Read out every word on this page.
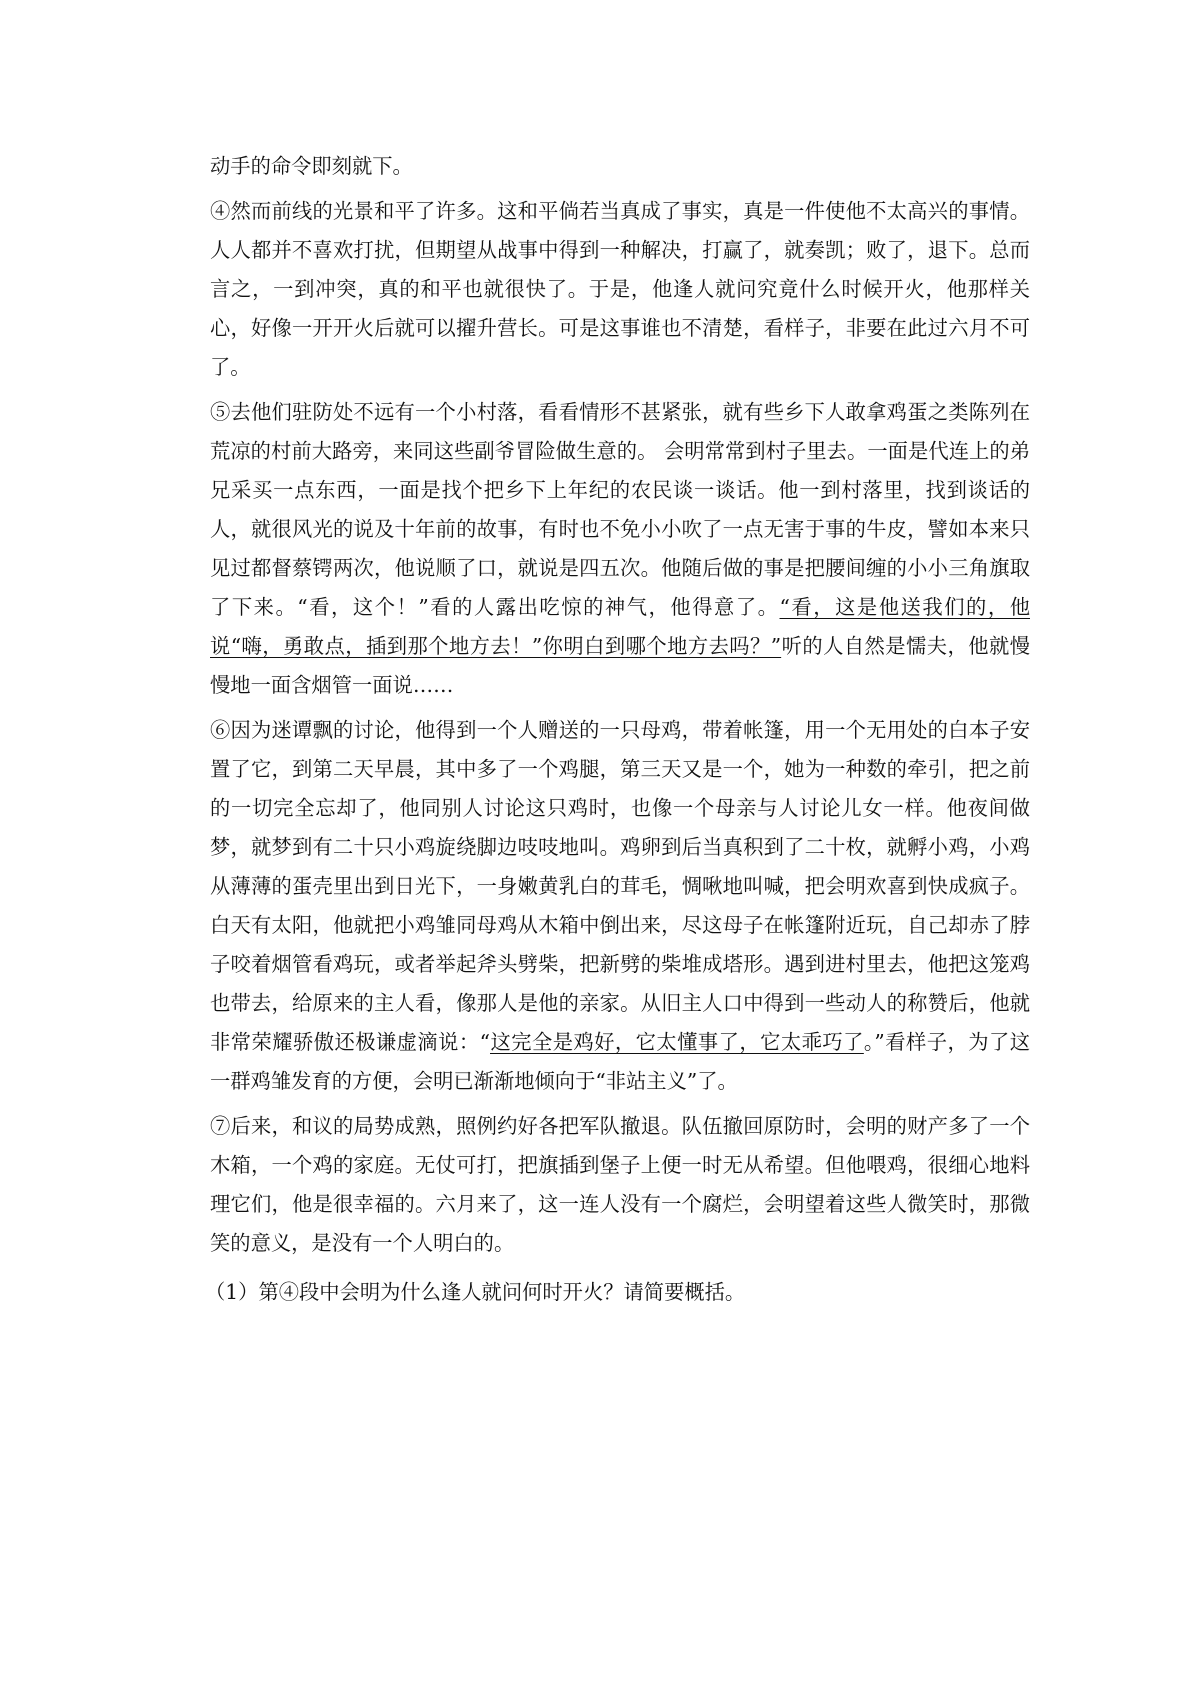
动手的命令即刻就下。

④然而前线的光景和平了许多。这和平倘若当真成了事实，真是一件使他不太高兴的事情。人人都并不喜欢打扰，但期望从战事中得到一种解决，打赢了，就奏凯；败了，退下。总而言之，一到冲突，真的和平也就很快了。于是，他逢人就问究竟什么时候开火，他那样关心，好像一开开火后就可以擢升营长。可是这事谁也不清楚，看样子，非要在此过六月不可了。

⑤去他们驻防处不远有一个小村落，看看情形不甚紧张，就有些乡下人敢拿鸡蛋之类陈列在荒凉的村前大路旁，来同这些副爷冒险做生意的。 会明常常到村子里去。一面是代连上的弟兄采买一点东西，一面是找个把乡下上年纪的农民谈一谈话。他一到村落里，找到谈话的人，就很风光的说及十年前的故事，有时也不免小小吹了一点无害于事的牛皮，譬如本来只见过都督蔡锷两次，他说顺了口，就说是四五次。他随后做的事是把腰间缠的小小三角旗取了下来。“看，这个！”看的人露出吃惊的神气，他得意了。“看，这是他送我们的，他说“嗨，勇敢点，插到那个地方去！”你明白到哪个地方去吗？”听的人自然是懦夫，他就慢慢地一面含烟管一面说……

⑥因为迷谭飘的讨论，他得到一个人赠送的一只母鸡，带着帐篷，用一个无用处的白本子安置了它，到第二天早晨，其中多了一个鸡腿，第三天又是一个，她为一种数的牵引，把之前的一切完全忘却了，他同别人讨论这只鸡时，也像一个母亲与人讨论儿女一样。他夜间做梦，就梦到有二十只小鸡旋绕脚边吱吱地叫。鸡卵到后当真积到了二十枚，就孵小鸡，小鸡从薄薄的蛋壳里出到日光下，一身嫩黄乳白的茸毛，惆啾地叫喊，把会明欢喜到快成疯子。白天有太阳，他就把小鸡雏同母鸡从木箱中倒出来，尽这母子在帐篷附近玩，自己却赤了脖子咬着烟管看鸡玩，或者举起斧头劈柴，把新劈的柴堆成塔形。遇到进村里去，他把这笼鸡也带去，给原来的主人看，像那人是他的亲家。从旧主人口中得到一些动人的称赞后，他就非常荣耀骄傲还极谦虚滴说：“这完全是鸡好，它太懂事了，它太乖巧了。”看样子，为了这一群鸡雏发育的方便，会明已渐渐地倾向于“非站主义”了。

⑦后来，和议的局势成熟，照例约好各把军队撤退。队伍撤回原防时，会明的财产多了一个木箱，一个鸡的家庭。无仗可打，把旗插到堡子上便一时无从希望。但他喂鸡，很细心地料理它们，他是很幸福的。六月来了，这一连人没有一个腐烂，会明望着这些人微笑时，那微笑的意义，是没有一个人明白的。

（1）第④段中会明为什么逢人就问何时开火？请简要概括。
